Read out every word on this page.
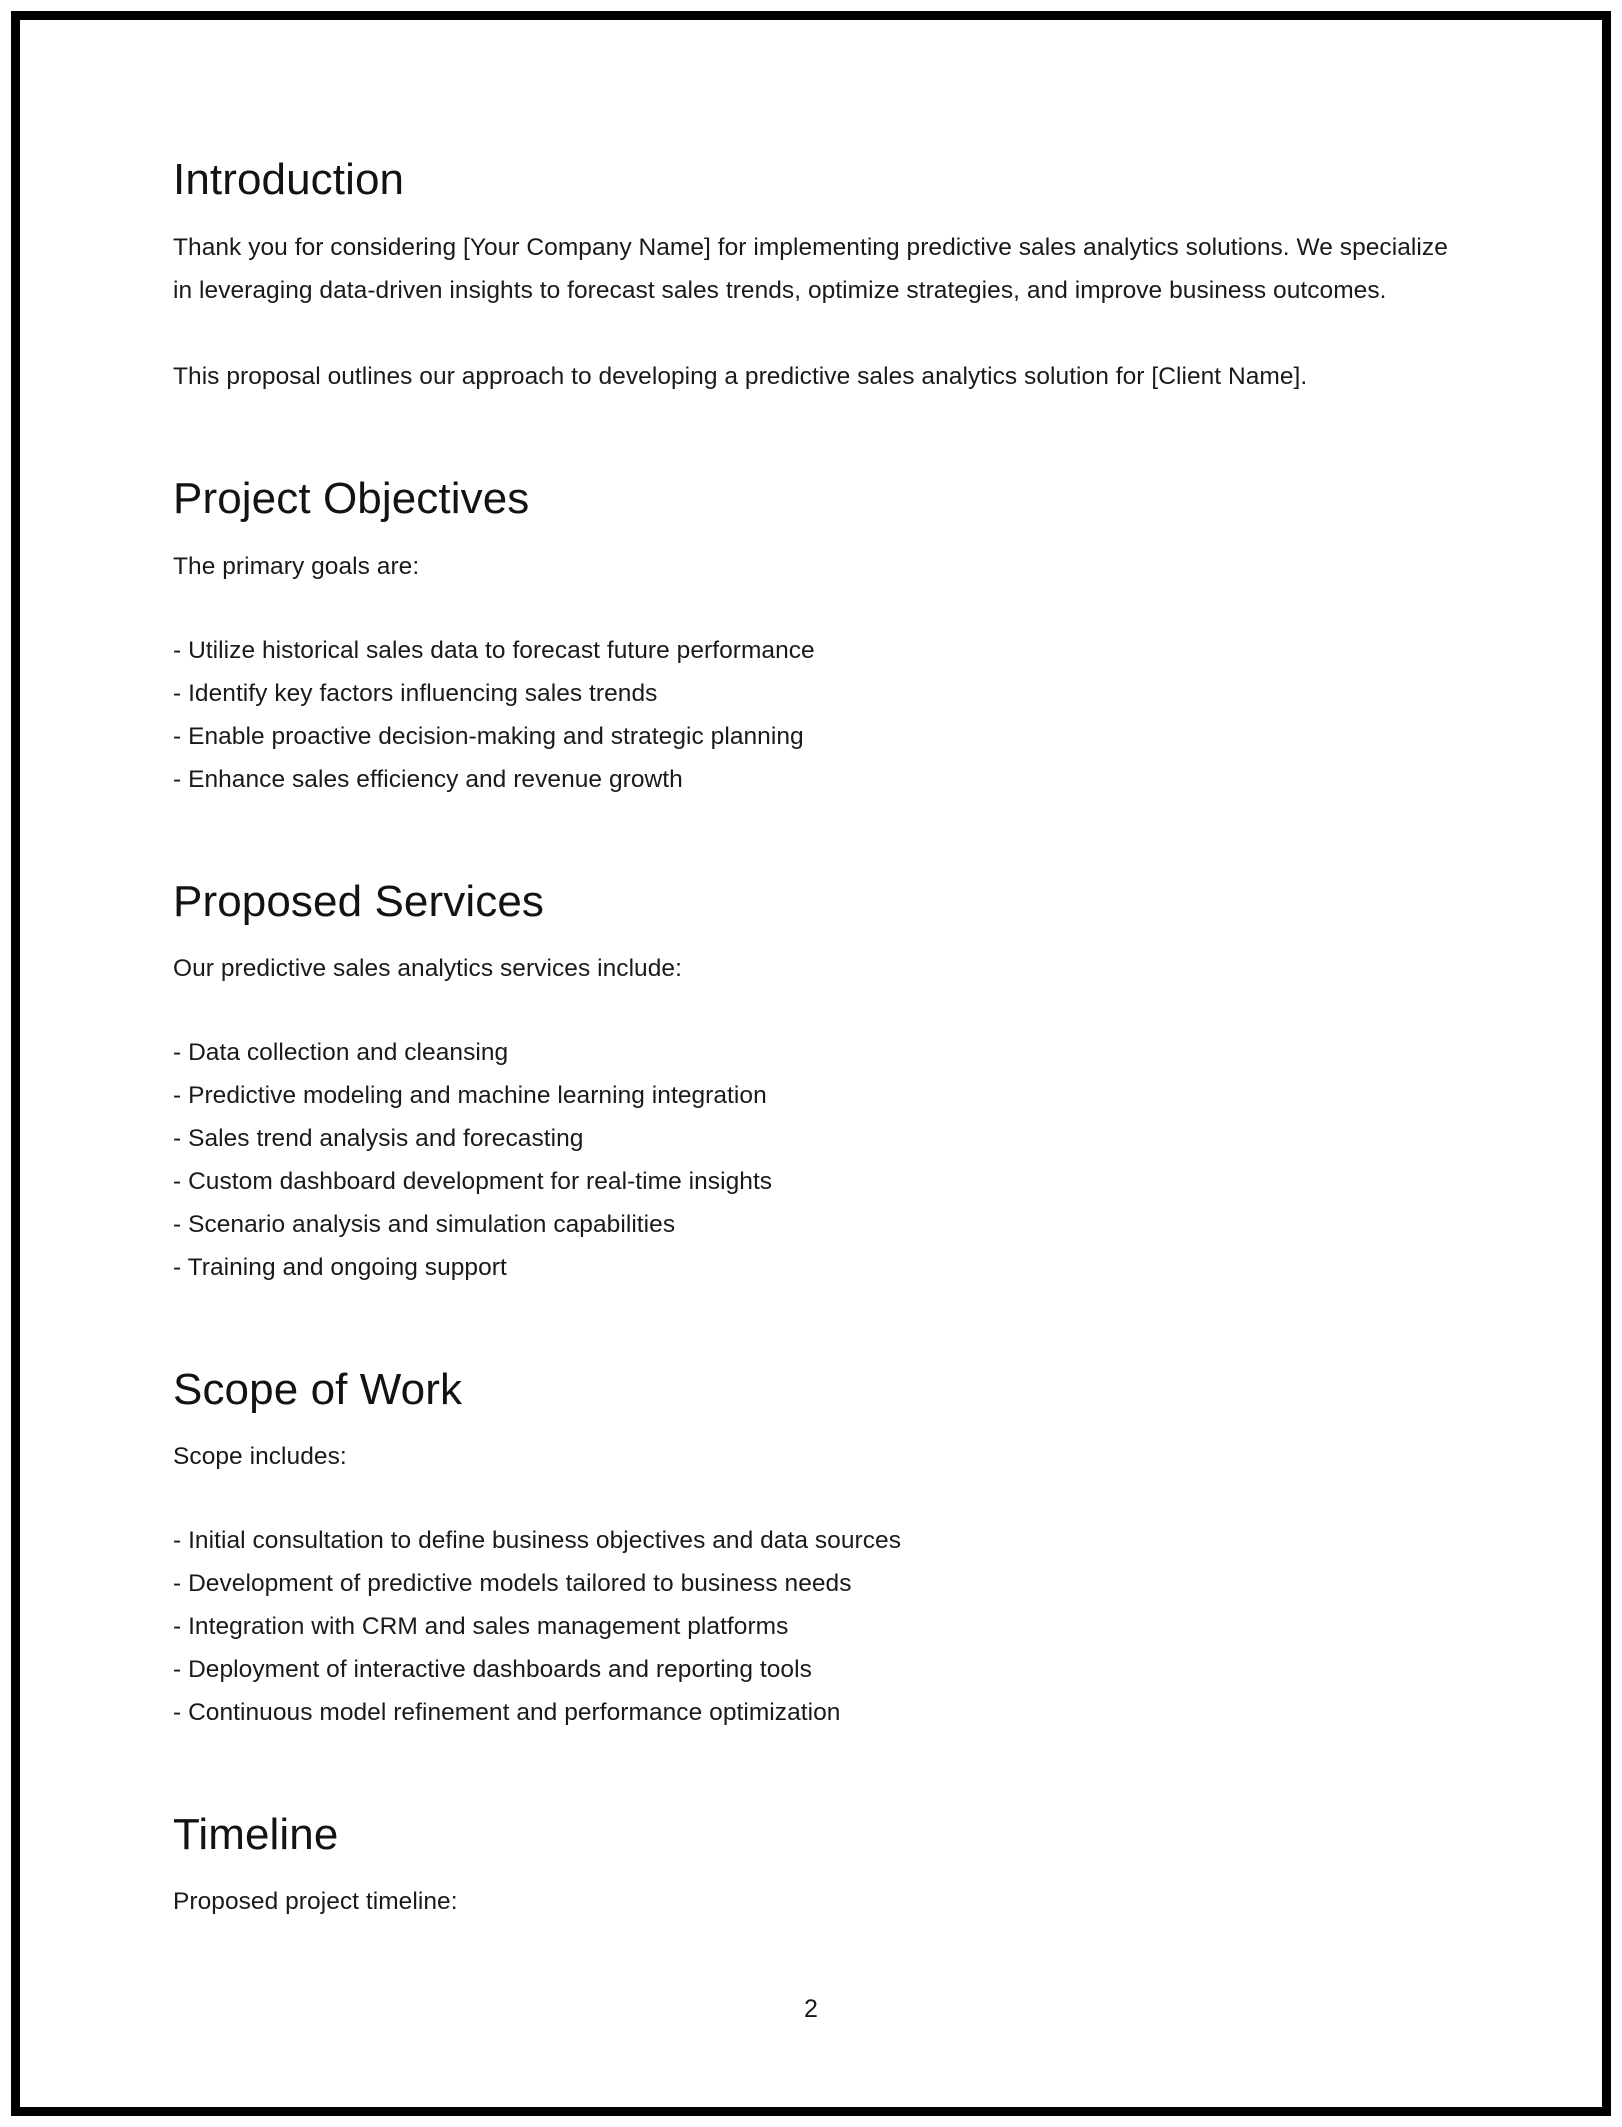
Introduction

Thank you for considering [Your Company Name] for implementing predictive sales analytics solutions. We specialize in leveraging data-driven insights to forecast sales trends, optimize strategies, and improve business outcomes.

This proposal outlines our approach to developing a predictive sales analytics solution for [Client Name].

Project Objectives

The primary goals are:

- Utilize historical sales data to forecast future performance
- Identify key factors influencing sales trends
- Enable proactive decision-making and strategic planning
- Enhance sales efficiency and revenue growth
Proposed Services

Our predictive sales analytics services include:

- Data collection and cleansing
- Predictive modeling and machine learning integration
- Sales trend analysis and forecasting
- Custom dashboard development for real-time insights
- Scenario analysis and simulation capabilities
- Training and ongoing support
Scope of Work

Scope includes:

- Initial consultation to define business objectives and data sources
- Development of predictive models tailored to business needs
- Integration with CRM and sales management platforms
- Deployment of interactive dashboards and reporting tools
- Continuous model refinement and performance optimization
Timeline

Proposed project timeline:

2
